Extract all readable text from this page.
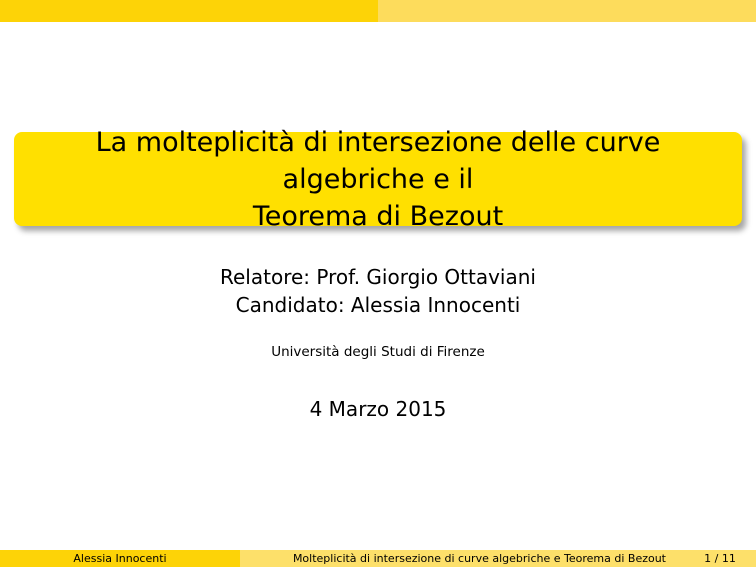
La molteplicità di intersezione delle curve algebriche e il
Teorema di Bezout
Relatore: Prof. Giorgio Ottaviani
Candidato: Alessia Innocenti
Università degli Studi di Firenze
4 Marzo 2015
Alessia Innocenti	Molteplicità di intersezione di curve algebriche e Teorema di Bezout	1 / 11
